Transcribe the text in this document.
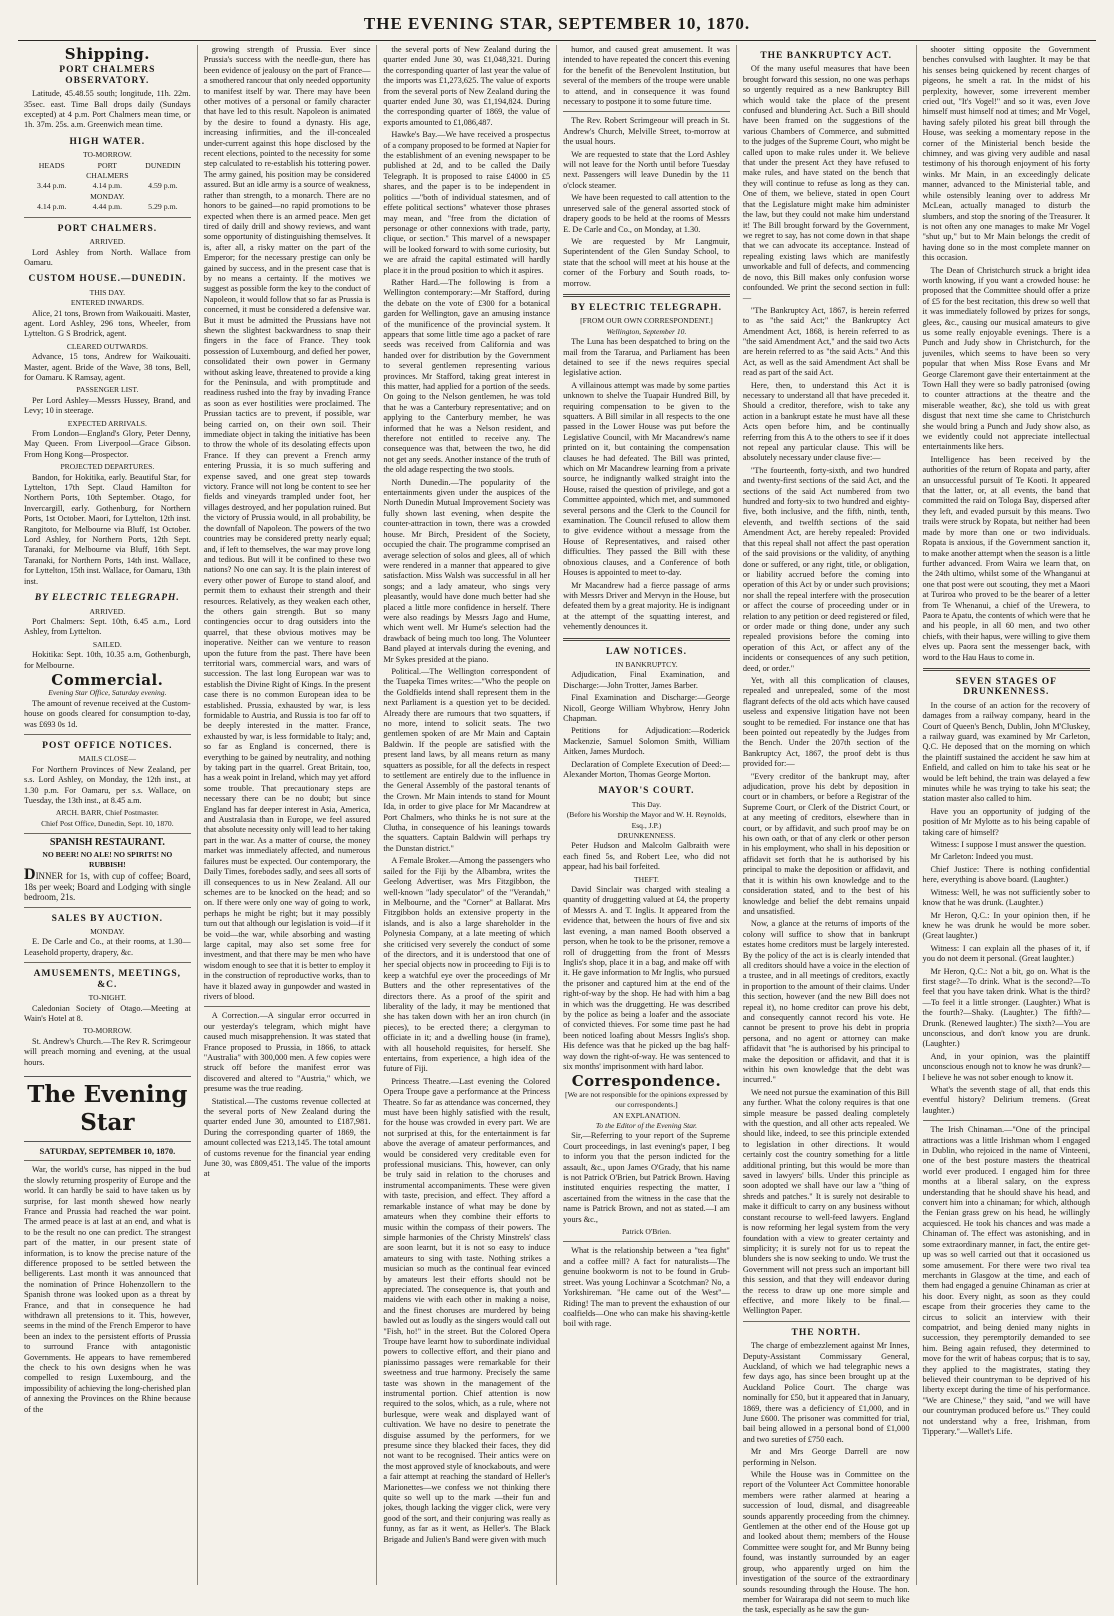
THE EVENING STAR, SEPTEMBER 10, 1870.
Shipping.
PORT CHALMERS OBSERVATORY.

Latitude, 45.48.55 south; longitude, 11h. 22m. 35sec. east. Time Ball drops daily (Sundays excepted) at 4 p.m. Port Chalmers mean time, or 1h. 37m. 25s. a.m. Greenwich mean time.

HIGH WATER.
TO-MORROW.
HEADS	PORT CHALMERS
DUNEDIN
3.44 p.m.	4.14 p.m.	4.59 p.m.
MONDAY.
4.14 p.m.	4.44 p.m.	5.29 p.m.
PORT CHALMERS.
ARRIVED.

Lord Ashley from North. Wallace from Oamaru.

CUSTOM HOUSE.—DUNEDIN.
THIS DAY.
ENTERED INWARDS.

Alice, 21 tons, Brown from Waikouaiti. Master, agent. Lord Ashley, 296 tons, Wheeler, from Lyttelton. G S Brodrick, agent.

CLEARED OUTWARDS.

Advance, 15 tons, Andrew for Waikouaiti. Master, agent. Bride of the Wave, 38 tons, Bell, for Oamaru. K Ramsay, agent.

PASSENGER LIST.

Per Lord Ashley—Messrs Hussey, Brand, and Levy; 10 in steerage.

EXPECTED ARRIVALS.

From London—England's Glory, Peter Denny, May Queen. From Liverpool—Grace Gibson. From Hong Kong—Prospector.

PROJECTED DEPARTURES.

Bandon, for Hokitika, early. Beautiful Star, for Lyttelton, 17th Sept. Claud Hamilton for Northern Ports, 10th September. Otago, for Invercargill, early. Gothenburg, for Northern Ports, 1st October. Maori, for Lyttelton, 12th inst. Rangitoto, for Melbourne via Bluff, 1st October. Lord Ashley, for Northern Ports, 12th Sept. Taranaki, for Melbourne via Bluff, 16th Sept. Taranaki, for Northern Ports, 14th inst. Wallace, for Lyttelton, 15th inst. Wallace, for Oamaru, 13th inst.

BY ELECTRIC TELEGRAPH.
ARRIVED.

Port Chalmers: Sept. 10th, 6.45 a.m., Lord Ashley, from Lyttelton.

SAILED.

Hokitika: Sept. 10th, 10.35 a.m, Gothenburgh, for Melbourne.

Commercial.
Evening Star Office, Saturday evening.

The amount of revenue received at the Custom-house on goods cleared for consumption to-day, was £693 0s 1d.

POST OFFICE NOTICES.
MAILS CLOSE—

For Northern Provinces of New Zealand, per s.s. Lord Ashley, on Monday, the 12th inst., at 1.30 p.m. For Oamaru, per s.s. Wallace, on Tuesday, the 13th inst., at 8.45 a.m.

ARCH. BARR, Chief Postmaster.
Chief Post Office, Dunedin, Sept. 10, 1870.
SPANISH RESTAURANT.
NO BEER! NO ALE! NO SPIRITS! NO RUBBISH!
DINNER for 1s, with cup of coffee; Board, 18s per week; Board and Lodging with single bedroom, 21s.
SALES BY AUCTION.
MONDAY.

E. De Carle and Co., at their rooms, at 1.30—Leasehold property, drapery, &c.

AMUSEMENTS, MEETINGS, &C.
TO-NIGHT.

Caledonian Society of Otago.—Meeting at Wain's Hotel at 8.

TO-MORROW.

St. Andrew's Church.—The Rev R. Scrimgeour will preach morning and evening, at the usual hours.

The Evening Star
SATURDAY, SEPTEMBER 10, 1870.

War, the world's curse, has nipped in the bud the slowly returning prosperity of Europe and the world. It can hardly be said to have taken us by surprise, for last month shewed how nearly France and Prussia had reached the war point. The armed peace is at last at an end, and what is to be the result no one can predict. The strangest part of the matter, in our present state of information, is to know the precise nature of the difference proposed to be settled between the belligerents. Last month it was announced that the nomination of Prince Hohenzollern to the Spanish throne was looked upon as a threat by France, and that in consequence he had withdrawn all pretensions to it. This, however, seems in the mind of the French Emperor to have been an index to the persistent efforts of Prussia to surround France with antagonistic Governments. He appears to have remembered the check to his own designs when he was compelled to resign Luxembourg, and the impossibility of achieving the long-cherished plan of annexing the Provinces on the Rhine because of the

growing strength of Prussia. Ever since Prussia's success with the needle-gun, there has been evidence of jealousy on the part of France—a smothered rancour that only needed opportunity to manifest itself by war. There may have been other motives of a personal or family character that have led to this result. Napoleon is animated by the desire to found a dynasty. His age, increasing infirmities, and the ill-concealed under-current against this hope disclosed by the recent elections, pointed to the necessity for some step calculated to re-establish his tottering power. The army gained, his position may be considered assured. But an idle army is a source of weakness, rather than strength, to a monarch. There are no honors to be gained—no rapid promotions to be expected when there is an armed peace. Men get tired of daily drill and showy reviews, and want some opportunity of distinguishing themselves. It is, after all, a risky matter on the part of the Emperor; for the necessary prestige can only be gained by success, and in the present case that is by no means a certainty. If the motives we suggest as possible form the key to the conduct of Napoleon, it would follow that so far as Prussia is concerned, it must be considered a defensive war. But it must be admitted the Prussians have not shewn the slightest backwardness to snap their fingers in the face of France. They took possession of Luxembourg, and defied her power, consolidated their own power in Germany without asking leave, threatened to provide a king for the Peninsula, and with promptitude and readiness rushed into the fray by invading France as soon as ever hostilities were proclaimed. The Prussian tactics are to prevent, if possible, war being carried on, on their own soil. Their immediate object in taking the initiative has been to throw the whole of its desolating effects upon France. If they can prevent a French army entering Prussia, it is so much suffering and expense saved, and one great step towards victory. France will not long be content to see her fields and vineyards trampled under foot, her villages destroyed, and her population ruined. But the victory of Prussia would, in all probability, be the downfall of Napoleon. The powers of the two countries may be considered pretty nearly equal; and, if left to themselves, the war may prove long and tedious. But will it be confined to these two nations? No one can say. It is the plain interest of every other power of Europe to stand aloof, and permit them to exhaust their strength and their resources. Relatively, as they weaken each other, the others gain strength. But so many contingencies occur to drag outsiders into the quarrel, that these obvious motives may be inoperative. Neither can we venture to reason upon the future from the past. There have been territorial wars, commercial wars, and wars of succession. The last long European war was to establish the Divine Right of Kings. In the present case there is no common European idea to be established. Prussia, exhausted by war, is less formidable to Austria, and Russia is too far off to be deeply interested in the matter. France, exhausted by war, is less formidable to Italy; and, so far as England is concerned, there is everything to be gained by neutrality, and nothing by taking part in the quarrel. Great Britain, too, has a weak point in Ireland, which may yet afford some trouble. That precautionary steps are necessary there can be no doubt; but since England has far deeper interest in Asia, America, and Australasia than in Europe, we feel assured that absolute necessity only will lead to her taking part in the war. As a matter of course, the money market was immediately affected, and numerous failures must be expected. Our contemporary, the Daily Times, forebodes sadly, and sees all sorts of ill consequences to us in New Zealand. All our schemes are to be knocked on the head; and so on. If there were only one way of going to work, perhaps he might be right; but it may possibly turn out that although our legislation is void—if it be void—the war, while absorbing and wasting large capital, may also set some free for investment, and that there may be men who have wisdom enough to see that it is better to employ it in the construction of reproductive works, than to have it blazed away in gunpowder and wasted in rivers of blood.

A Correction.—A singular error occurred in our yesterday's telegram, which might have caused much misapprehension. It was stated that France proposed to Prussia, in 1866, to attack "Australia" with 300,000 men. A few copies were struck off before the manifest error was discovered and altered to "Austria," which, we presume was the true reading.

Statistical.—The customs revenue collected at the several ports of New Zealand during the quarter ended June 30, amounted to £187,981. During the corresponding quarter of 1869, the amount collected was £213,145. The total amount of customs revenue for the financial year ending June 30, was £809,451. The value of the imports at

the several ports of New Zealand during the quarter ended June 30, was £1,048,321. During the corresponding quarter of last year the value of the imports was £1,273,625. The value of exports from the several ports of New Zealand during the quarter ended June 30, was £1,194,824. During the corresponding quarter of 1869, the value of exports amounted to £1,086,487.

Hawke's Bay.—We have received a prospectus of a company proposed to be formed at Napier for the establishment of an evening newspaper to be published at 2d, and to be called the Daily Telegraph. It is proposed to raise £4000 in £5 shares, and the paper is to be independent in politics —"both of individual statesmen, and of effete political sections" whatever those phrases may mean, and "free from the dictation of personage or other connexions with trade, party, clique, or section." This marvel of a newspaper will be looked forward to with some curiosity, but we are afraid the capital estimated will hardly place it in the proud position to which it aspires.

Rather Hard.—The following is from a Wellington contemporary:—Mr Stafford, during the debate on the vote of £300 for a botanical garden for Wellington, gave an amusing instance of the munificence of the provincial system. It appears that some little time ago a packet of rare seeds was received from California and was handed over for distribution by the Government to several gentlemen representing various provinces. Mr Stafford, taking great interest in this matter, had applied for a portion of the seeds. On going to the Nelson gentlemen, he was told that he was a Canterbury representative; and on applying to the Canterbury member, he was informed that he was a Nelson resident, and therefore not entitled to receive any. The consequence was that, between the two, he did not get any seeds. Another instance of the truth of the old adage respecting the two stools.

North Dunedin.—The popularity of the entertainments given under the auspices of the North Dunedin Mutual Improvement Society was fully shown last evening, when despite the counter-attraction in town, there was a crowded house. Mr Birch, President of the Society, occupied the chair. The programme comprised an average selection of solos and glees, all of which were rendered in a manner that appeared to give satisfaction. Miss Walsh was successful in all her songs; and a lady amateur, who sings very pleasantly, would have done much better had she placed a little more confidence in herself. There were also readings by Messrs Jago and Hume, which went well. Mr Hume's selection had the drawback of being much too long. The Volunteer Band played at intervals during the evening, and Mr Sykes presided at the piano.

Political.—The Wellington correspondent of the Tuapeka Times writes:—"Who the people on the Goldfields intend shall represent them in the next Parliament is a question yet to be decided. Already there are rumours that two squatters, if no more, intend to solicit seats. The two gentlemen spoken of are Mr Main and Captain Baldwin. If the people are satisfied with the present land laws, by all means return as many squatters as possible, for all the defects in respect to settlement are entirely due to the influence in the General Assembly of the pastoral tenants of the Crown. Mr Main intends to stand for Mount Ida, in order to give place for Mr Macandrew at Port Chalmers, who thinks he is not sure at the Clutha, in consequence of his leanings towards the squatters. Captain Baldwin will perhaps try the Dunstan district."

A Female Broker.—Among the passengers who sailed for the Fiji by the Albambra, writes the Geelong Advertiser, was Mrs Fitzgibbon, the well-known "lady speculator" of the "Verandah," in Melbourne, and the "Corner" at Ballarat. Mrs Fitzgibbon holds an extensive property in the islands, and is also a large shareholder in the Polynesia Company, at a late meeting of which she criticised very severely the conduct of some of the directors, and it is understood that one of her special objects now in proceeding to Fiji is to keep a watchful eye over the proceedings of Mr Butters and the other representatives of the directors there. As a proof of the spirit and liberality of the lady, it may be mentioned that she has taken down with her an iron church (in pieces), to be erected there; a clergyman to officiate in it; and a dwelling house (in frame), with all household requisites, for herself. She entertains, from experience, a high idea of the future of Fiji.

Princess Theatre.—Last evening the Colored Opera Troupe gave a performance at the Princess Theatre. So far as attendance was concerned, they must have been highly satisfied with the result, for the house was crowded in every part. We are not surprised at this, for the entertainment is far above the average of amateur performances, and would be considered very creditable even for professional musicians. This, however, can only be truly said in relation to the choruses and instrumental accompaniments. These were given with taste, precision, and effect. They afford a remarkable instance of what may be done by amateurs when they combine their efforts to music within the compass of their powers. The simple harmonies of the Christy Minstrels' class are soon learnt, but it is not so easy to induce amateurs to sing with taste. Nothing strikes a musician so much as the continual fear evinced by amateurs lest their efforts should not be appreciated. The consequence is, that youth and maidens vie with each other in making a noise, and the finest choruses are murdered by being bawled out as loudly as the singers would call out "Fish, ho!" in the street. But the Colored Opera Troupe have learnt how to subordinate individual powers to collective effort, and their piano and pianissimo passages were remarkable for their sweetness and true harmony. Precisely the same taste was shown in the management of the instrumental portion. Chief attention is now required to the solos, which, as a rule, where not burlesque, were weak and displayed want of cultivation. We have no desire to penetrate the disguise assumed by the performers, for we presume since they blacked their faces, they did not want to be recognised. Their antics were on the most approved style of knockabouts, and were a fair attempt at reaching the standard of Heller's Marionettes—we confess we not thinking there quite so well up to the mark —their fun and jokes, though lacking the vigger click, were very good of the sort, and their conjuring was really as funny, as far as it went, as Heller's. The Black Brigade and Julien's Band were given with much

humor, and caused great amusement. It was intended to have repeated the concert this evening for the benefit of the Benevolent Institution, but several of the members of the troupe were unable to attend, and in consequence it was found necessary to postpone it to some future time.

The Rev. Robert Scrimgeour will preach in St. Andrew's Church, Melville Street, to-morrow at the usual hours.

We are requested to state that the Lord Ashley will not leave for the North until before Tuesday next. Passengers will leave Dunedin by the 11 o'clock steamer.

We have been requested to call attention to the unreserved sale of the general assorted stock of drapery goods to be held at the rooms of Messrs E. De Carle and Co., on Monday, at 1.30.

We are requested by Mr Langmuir, Superintendent of the Glen Sunday School, to state that the school will meet at his house at the corner of the Forbury and South roads, to-morrow.

BY ELECTRIC TELEGRAPH.
[FROM OUR OWN CORRESPONDENT.]
Wellington, September 10.

The Luna has been despatched to bring on the mail from the Tararua, and Parliament has been detained to see if the news requires special legislative action.

A villainous attempt was made by some parties unknown to shelve the Tuapair Hundred Bill, by requiring compensation to be given to the squatters. A Bill similar in all respects to the one passed in the Lower House was put before the Legislative Council, with Mr Macandrew's name printed on it, but containing the compensation clauses he had defeated. The Bill was printed, which on Mr Macandrew learning from a private source, he indignantly walked straight into the House, raised the question of privilege, and got a Committee appointed, which met, and summoned several persons and the Clerk to the Council for examination. The Council refused to allow them to give evidence without a message from the House of Representatives, and raised other difficulties. They passed the Bill with these obnoxious clauses, and a Conference of both Houses is appointed to meet to-day.

Mr Macandrew had a fierce passage of arms with Messrs Driver and Mervyn in the House, but defeated them by a great majority. He is indignant at the attempt of the squatting interest, and vehemently denounces it.

LAW NOTICES.
IN BANKRUPTCY.

Adjudication, Final Examination, and Discharge:—John Trotter, James Barber.

Final Examination and Discharge:—George Nicoll, George William Whybrow, Henry John Chapman.

Petitions for Adjudication:—Roderick Mackenzie, Samuel Solomon Smith, William Aitken, James Murdoch.

Declaration of Complete Execution of Deed:—Alexander Morton, Thomas George Morton.

MAYOR'S COURT.
This Day.
(Before his Worship the Mayor and W. H. Reynolds, Esq., J.P.)
DRUNKENNESS.

Peter Hudson and Malcolm Galbraith were each fined 5s, and Robert Lee, who did not appear, had his bail forfeited.

THEFT.

David Sinclair was charged with stealing a quantity of druggetting valued at £4, the property of Messrs A. and T. Inglis. It appeared from the evidence that, between the hours of five and six last evening, a man named Booth observed a person, when he took to be the prisoner, remove a roll of druggetting from the front of Messrs Inglis's shop, place it in a bag, and make off with it. He gave information to Mr Inglis, who pursued the prisoner and captured him at the end of the right-of-way by the shop. He had with him a bag in which was the druggetting. He was described by the police as being a loafer and the associate of convicted thieves. For some time past he had been noticed loafing about Messrs Inglis's shop. His defence was that he picked up the bag half-way down the right-of-way. He was sentenced to six months' imprisonment with hard labor.

Correspondence.
[We are not responsible for the opinions expressed by our correspondents.]
AN EXPLANATION.
To the Editor of the Evening Star.

Sir,—Referring to your report of the Supreme Court proceedings, in last evening's paper, I beg to inform you that the person indicted for the assault, &c., upon James O'Grady, that his name is not Patrick O'Brien, but Patrick Brown. Having instituted enquiries respecting the matter, I ascertained from the witness in the case that the name is Patrick Brown, and not as stated.—I am yours &c.,

Patrick O'Brien.

What is the relationship between a "tea fight" and a coffee mill? A fact for naturalists—The genuine bookworm is not to be found in Grub-street. Was young Lochinvar a Scotchman? No, a Yorkshireman. "He came out of the West"—Riding! The man to prevent the exhaustion of our coalfields—One who can make his shaving-kettle boil with rage.

THE BANKRUPTCY ACT.

Of the many useful measures that have been brought forward this session, no one was perhaps so urgently required as a new Bankruptcy Bill which would take the place of the present confused and blundering Act. Such a Bill should have been framed on the suggestions of the various Chambers of Commerce, and submitted to the judges of the Supreme Court, who might be called upon to make rules under it. We believe that under the present Act they have refused to make rules, and have stated on the bench that they will continue to refuse as long as they can. One of them, we believe, stated in open Court that the Legislature might make him administer the law, but they could not make him understand it! The Bill brought forward by the Government, we regret to say, has not come down in that shape that we can advocate its acceptance. Instead of repealing existing laws which are manifestly unworkable and full of defects, and commencing de novo, this Bill makes only confusion worse confounded. We print the second section in full:—

"The Bankruptcy Act, 1867, is herein referred to as "the said Act;" the Bankruptcy Act Amendment Act, 1868, is herein referred to as "the said Amendment Act," and the said two Acts are herein referred to as "the said Acts." And this Act, as well as the said Amendment Act shall be read as part of the said Act.

Here, then, to understand this Act it is necessary to understand all that have preceded it. Should a creditor, therefore, wish to take any action in a bankrupt estate he must have all these Acts open before him, and be continually referring from this A to the others to see if it does not repeal any particular clause. This will be absolutely necessary under clause five:—

"The fourteenth, forty-sixth, and two hundred and twenty-first sections of the said Act, and the sections of the said Act numbered from two hundred and forty-six to two hundred and eighty-five, both inclusive, and the fifth, ninth, tenth, eleventh, and twelfth sections of the said Amendment Act, are hereby repealed: Provided that this repeal shall not affect the past operation of the said provisions or the validity, of anything done or suffered, or any right, title, or obligation, or liability accrued before the coming into operation of this Act by or under such provisions; nor shall the repeal interfere with the prosecution or affect the course of proceeding under or in relation to any petition or deed registered or filed, or order made or thing done, under any such repealed provisions before the coming into operation of this Act, or affect any of the incidents or consequences of any such petition, deed, or order."

Yet, with all this complication of clauses, repealed and unrepealed, some of the most flagrant defects of the old acts which have caused useless and expensive litigation have not been sought to be remedied. For instance one that has been pointed out repeatedly by the Judges from the Bench. Under the 207th section of the Bankruptcy Act, 1867, the proof debt is thus provided for:—

"Every creditor of the bankrupt may, after adjudication, prove his debt by deposition in court or in chambers, or before a Registrar of the Supreme Court, or Clerk of the District Court, or at any meeting of creditors, elsewhere than in court, or by affidavit, and such proof may be on his own oath, or that of any clerk or other person in his employment, who shall in his deposition or affidavit set forth that he is authorised by his principal to make the deposition or affidavit, and that it is within his own knowledge and to the consideration stated, and to the best of his knowledge and belief the debt remains unpaid and unsatisfied.

Now, a glance at the returns of imports of the colony will suffice to show that in bankrupt estates home creditors must be largely interested. By the policy of the act is is clearly intended that all creditors should have a voice in the election of a trustee, and in all meetings of creditors, exactly in proportion to the amount of their claims. Under this section, however (and the new Bill does not repeal it), no home creditor can prove his debt, and consequently cannot record his vote. He cannot be present to prove his debt in propria persona, and no agent or attorney can make affidavit that "he is authorised by his principal to make the deposition or affidavit, and that it is within his own knowledge that the debt was incurred."

We need not pursue the examination of this Bill any further. What the colony requires is that one simple measure be passed dealing completely with the question, and all other acts repealed. We should like, indeed, to see this principle extended to legislation in other directions. It would certainly cost the country something for a little additional printing, but this would be more than saved in lawyers' bills. Under this principle as soon adopted we shall have our law a "thing of shreds and patches." It is surely not desirable to make it difficult to carry on any business without constant recourse to well-feed lawyers. England is now reforming her legal system from the very foundation with a view to greater certainty and simplicity; it is surely not for us to repeat the blunders she is now seeking to undo. We trust the Government will not press such an important bill this session, and that they will endeavor during the recess to draw up one more simple and effective, and more likely to be final.—Wellington Paper.

THE NORTH.

The charge of embezzlement against Mr Innes, Deputy-Assistant Commissary General, Auckland, of which we had telegraphic news a few days ago, has since been brought up at the Auckland Police Court. The charge was nominally for £50, but it appeared that in January, 1869, there was a deficiency of £1,000, and in June £600. The prisoner was committed for trial, bail being allowed in a personal bond of £1,000 and two sureties of £750 each.

Mr and Mrs George Darrell are now performing in Nelson.

While the House was in Committee on the report of the Volunteer Act Committee honorable members were rather alarmed at hearing a succession of loud, dismal, and disagreeable sounds apparently proceeding from the chimney. Gentlemen at the other end of the House got up and looked about them; members of the House Committee were sought for, and Mr Bunny being found, was instantly surrounded by an eager group, who apparently urged on him the investigation of the source of the extraordinary sounds resounding through the House. The hon. member for Wairarapa did not seem to much like the task, especially as he saw the gun-

shooter sitting opposite the Government benches convulsed with laughter. It may be that his senses being quickened by recent charges of pigeons, he smelt a rat. In the midst of his perplexity, however, some irreverent member cried out, "It's Vogel!" and so it was, even Jove himself must himself nod at times; and Mr Vogel, having safely piloted his great bill through the House, was seeking a momentary repose in the corner of the Ministerial bench beside the chimney, and was giving very audible and nasal testimony of his thorough enjoyment of his forty winks. Mr Main, in an exceedingly delicate manner, advanced to the Ministerial table, and while ostensibly leaning over to address Mr McLean, actually managed to disturb the slumbers, and stop the snoring of the Treasurer. It is not often any one manages to make Mr Vogel "shut up," but to Mr Main belongs the credit of having done so in the most complete manner on this occasion.

The Dean of Christchurch struck a bright idea worth knowing, if you want a crowded house: he proposed that the Committee should offer a prize of £5 for the best recitation, this drew so well that it was immediately followed by prizes for songs, glees, &c., causing our musical amateurs to give us some really enjoyable evenings. There is a Punch and Judy show in Christchurch, for the juveniles, which seems to have been so very popular that when Miss Rose Evans and Mr George Claremont gave their entertainment at the Town Hall they were so badly patronised (owing to counter attractions at the theatre and the miserable weather, &c), she told us with great disgust that next time she came to Christchurch she would bring a Punch and Judy show also, as we evidently could not appreciate intellectual entertainments like hers.

Intelligence has been received by the authorities of the return of Ropata and party, after an unsuccessful pursuit of Te Kooti. It appeared that the latter, or, at all events, the band that committed the raid on Tologa Bay, dispersed after they left, and evaded pursuit by this means. Two trails were struck by Ropata, but neither had been made by more than one or two individuals. Ropata is anxious, if the Government sanction it, to make another attempt when the season is a little further advanced. From Waira we learn that, on the 24th ultimo, whilst some of the Whanganui at one that post were out scouting, they met a Maori at Turiroa who proved to be the bearer of a letter from Te Whenanui, a chief of the Urewera, to Paora te Apatu, the contents of which were that he and his people, in all 60 men, and two other chiefs, with their hapus, were willing to give them elves up. Paora sent the messenger back, with word to the Hau Haus to come in.

SEVEN STAGES OF DRUNKENNESS.

In the course of an action for the recovery of damages from a railway company, heard in the Court of Queen's Bench, Dublin, John M'Cluskey, a railway guard, was examined by Mr Carleton, Q.C. He deposed that on the morning on which the plaintiff sustained the accident he saw him at Enfield, and called on him to take his seat or he would be left behind, the train was delayed a few minutes while he was trying to take his seat; the station master also called to him.

Have you an opportunity of judging of the position of Mr Mylotte as to his being capable of taking care of himself?

Witness: I suppose I must answer the question.

Mr Carleton: Indeed you must.

Chief Justice: There is nothing confidential here, everything is above board. (Laughter.)

Witness: Well, he was not sufficiently sober to know that he was drunk. (Laughter.)

Mr Heron, Q.C.: In your opinion then, if he knew he was drunk he would be more sober. (Great laughter.)

Witness: I can explain all the phases of it, if you do not deem it personal. (Great laughter.)

Mr Heron, Q.C.: Not a bit, go on. What is the first stage?—To drink. What is the second?—To feel that you have taken drink. What is the third?—To feel it a little stronger. (Laughter.) What is the fourth?—Shaky. (Laughter.) The fifth?—Drunk. (Renewed laughter.) The sixth?—You are unconscious, and don't know you are drunk. (Laughter.)

And, in your opinion, was the plaintiff unconscious enough not to know he was drunk?—I believe he was not sober enough to know it.

What's the seventh stage of all, that ends this eventful history? Delirium tremens. (Great laughter.)

The Irish Chinaman.—"One of the principal attractions was a little Irishman whom I engaged in Dublin, who rejoiced in the name of Vinteeni, one of the best posture masters the theatrical world ever produced. I engaged him for three months at a liberal salary, on the express understanding that he should shave his head, and convert him into a chinaman; for which, although the Fenian grass grew on his head, he willingly acquiesced. He took his chances and was made a Chinaman of. The effect was astonishing, and in some extraordinary manner, in fact, the entire get-up was so well carried out that it occasioned us some amusement. For there were two rival tea merchants in Glasgow at the time, and each of them had engaged a genuine Chinaman as crier at his door. Every night, as soon as they could escape from their groceries they came to the circus to solicit an interview with their compatriot, and being denied many nights in succession, they peremptorily demanded to see him. Being again refused, they determined to move for the writ of habeas corpus; that is to say, they applied to the magistrates, stating they believed their countryman to be deprived of his liberty except during the time of his performance. "We are Chinese," they said, "and we will have our countryman produced before us." They could not understand why a free, Irishman, from Tipperary."—Wallet's Life.
